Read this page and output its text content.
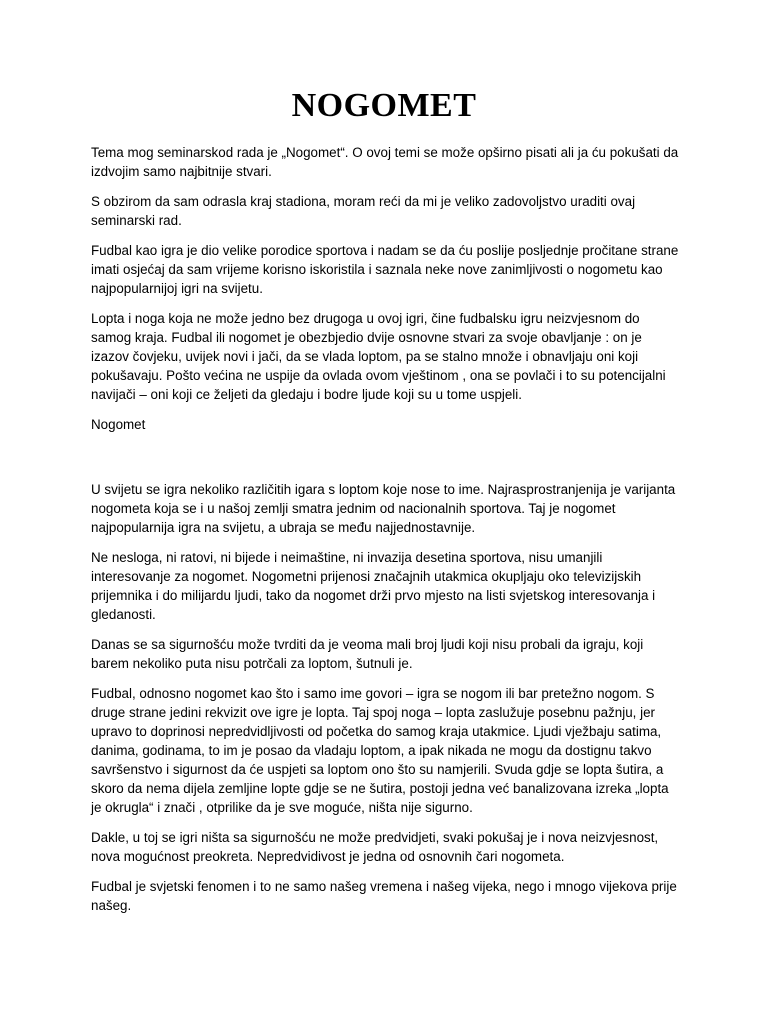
NOGOMET

Tema mog seminarskod rada je „Nogomet“. O ovoj temi se može opširno pisati ali ja ću pokušati da izdvojim samo najbitnije stvari.

S obzirom da sam odrasla kraj stadiona, moram reći da mi je veliko zadovoljstvo uraditi ovaj seminarski rad.

Fudbal kao igra je dio velike porodice sportova i nadam se da ću poslije posljednje pročitane strane imati osjećaj da sam vrijeme korisno iskoristila i saznala neke nove zanimljivosti o nogometu kao najpopularnijoj igri na svijetu.

Lopta i noga koja ne može jedno bez drugoga u ovoj igri, čine fudbalsku igru neizvjesnom do samog kraja. Fudbal ili nogomet je obezbjedio dvije osnovne stvari za svoje obavljanje : on je izazov čovjeku, uvijek novi i jači, da se vlada loptom, pa se stalno množe i obnavljaju oni koji pokušavaju. Pošto većina ne uspije da ovlada ovom vještinom , ona se povlači i to su potencijalni navijači – oni koji ce željeti da gledaju i bodre ljude koji su u tome uspjeli.

Nogomet

U svijetu se igra nekoliko različitih igara s loptom koje nose to ime. Najrasprostranjenija je varijanta nogometa koja se i u našoj zemlji smatra jednim od nacionalnih sportova. Taj je nogomet najpopularnija igra na svijetu, a ubraja se među najjednostavnije.

Ne nesloga, ni ratovi, ni bijede i neimaštine, ni invazija desetina sportova, nisu umanjili interesovanje za nogomet. Nogometni prijenosi značajnih utakmica okupljaju oko televizijskih prijemnika i do milijardu ljudi, tako da nogomet drži prvo mjesto na listi svjetskog interesovanja i gledanosti.

Danas se sa sigurnošću može tvrditi da je veoma mali broj ljudi koji nisu probali da igraju, koji barem nekoliko puta nisu potrčali za loptom, šutnuli je.

Fudbal, odnosno nogomet kao što i samo ime govori – igra se nogom ili bar pretežno nogom. S druge strane jedini rekvizit ove igre je lopta. Taj spoj noga – lopta zaslužuje posebnu pažnju, jer upravo to doprinosi nepredvidljivosti od početka do samog kraja utakmice. Ljudi vježbaju satima, danima, godinama, to im je posao da vladaju loptom, a ipak nikada ne mogu da dostignu takvo savršenstvo i sigurnost da će uspjeti sa loptom ono što su namjerili. Svuda gdje se lopta šutira, a skoro da nema dijela zemljine lopte gdje se ne šutira, postoji jedna već banalizovana izreka „lopta je okrugla“ i znači , otprilike da je sve moguće, ništa nije sigurno.

Dakle, u toj se igri ništa sa sigurnošću ne može predvidjeti, svaki pokušaj je i nova neizvjesnost, nova mogućnost preokreta. Nepredvidivost je jedna od osnovnih čari nogometa.

Fudbal je svjetski fenomen i to ne samo našeg vremena i našeg vijeka, nego i mnogo vijekova prije našeg.
